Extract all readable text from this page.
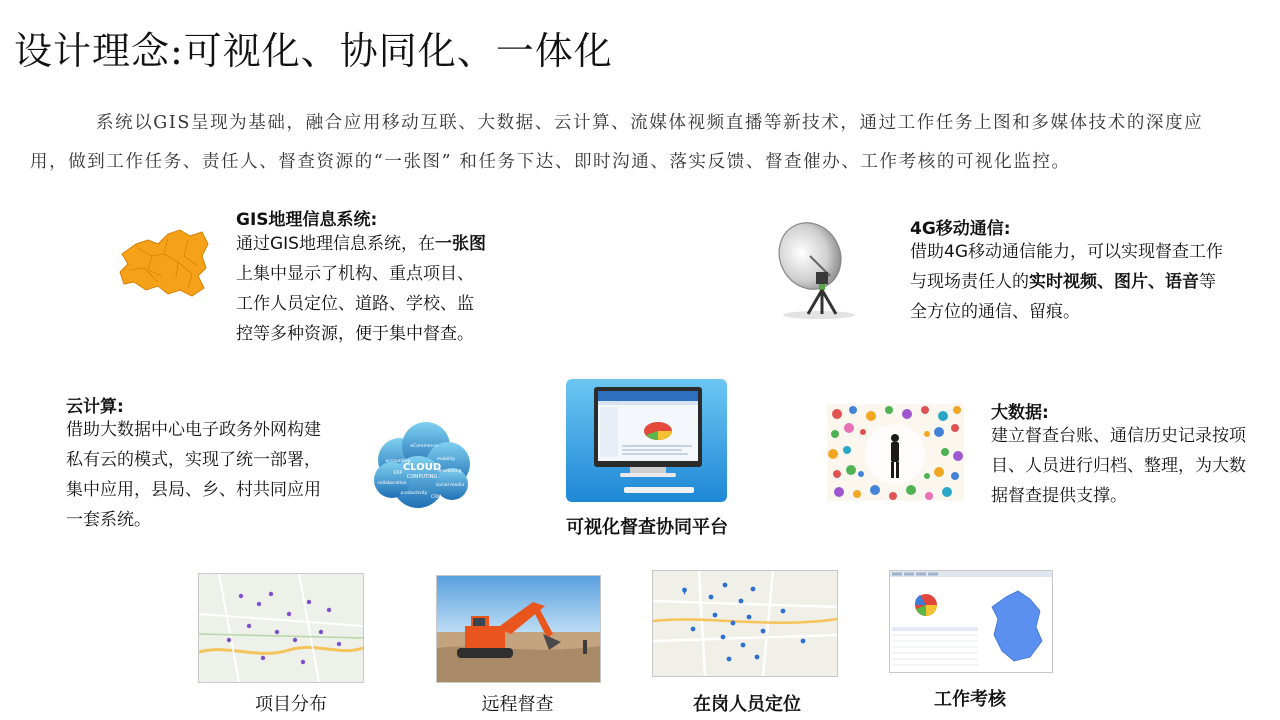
设计理念:可视化、协同化、一体化

系统以GIS呈现为基础，融合应用移动互联、大数据、云计算、流媒体视频直播等新技术，通过工作任务上图和多媒体技术的深度应用，做到工作任务、责任人、督查资源的“一张图” 和任务下达、即时沟通、落实反馈、督查催办、工作考核的可视化监控。

GIS地理信息系统:
通过GIS地理信息系统，在一张图上集中显示了机构、重点项目、工作人员定位、道路、学校、监控等多种资源，便于集中督查。
4G移动通信:
借助4G移动通信能力，可以实现督查工作与现场责任人的实时视频、图片、语音等全方位的通信、留痕。
云计算:
借助大数据中心电子政务外网构建私有云的模式，实现了统一部署，集中应用，县局、乡、村共同应用一套系统。
CLOUD
COMPUTING
accounting
eCommerce
mobility
marketing
collaboration	social media
productivity
CRM
ERP
可视化督查协同平台
大数据:
建立督查台账、通信历史记录按项目、人员进行归档、整理，为大数据督查提供支撑。
项目分布	远程督查	在岗人员定位	工作考核
